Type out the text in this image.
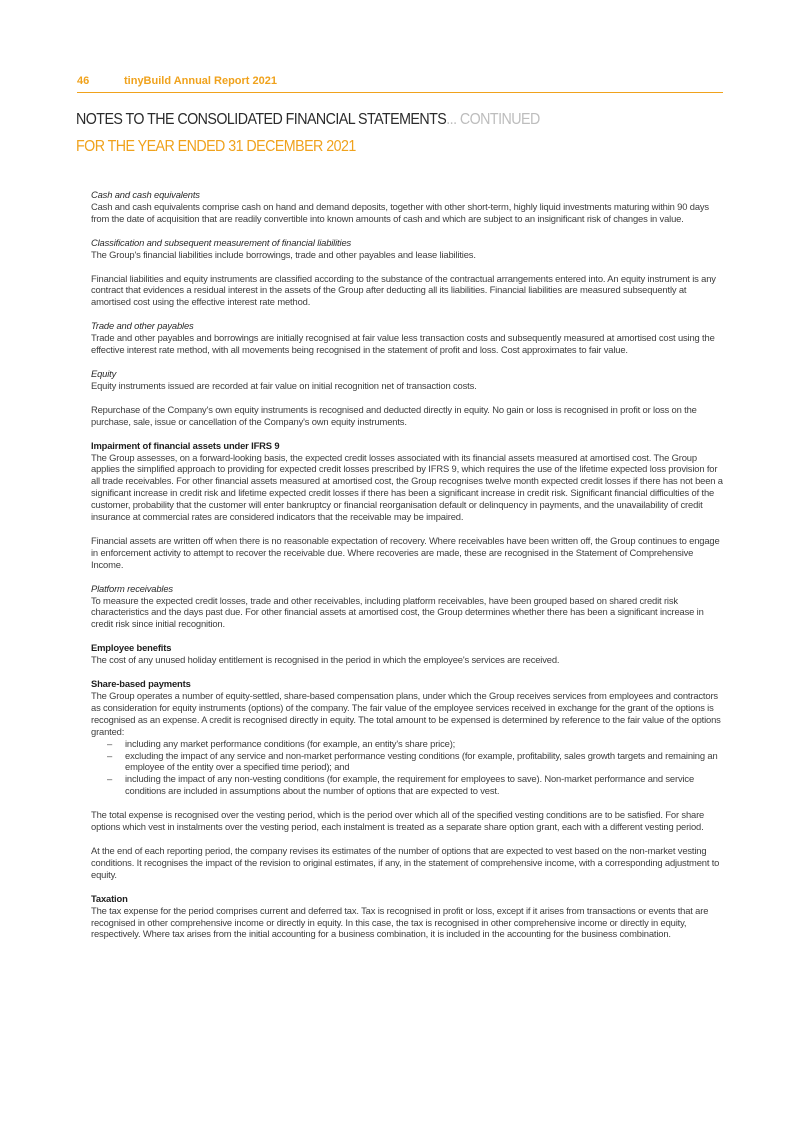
46	tinyBuild Annual Report 2021
NOTES TO THE CONSOLIDATED FINANCIAL STATEMENTS... CONTINUED
FOR THE YEAR ENDED 31 DECEMBER 2021
Cash and cash equivalents

Cash and cash equivalents comprise cash on hand and demand deposits, together with other short-term, highly liquid investments maturing within 90 days from the date of acquisition that are readily convertible into known amounts of cash and which are subject to an insignificant risk of changes in value.

Classification and subsequent measurement of financial liabilities

The Group's financial liabilities include borrowings, trade and other payables and lease liabilities.

Financial liabilities and equity instruments are classified according to the substance of the contractual arrangements entered into. An equity instrument is any contract that evidences a residual interest in the assets of the Group after deducting all its liabilities. Financial liabilities are measured subsequently at amortised cost using the effective interest rate method.

Trade and other payables

Trade and other payables and borrowings are initially recognised at fair value less transaction costs and subsequently measured at amortised cost using the effective interest rate method, with all movements being recognised in the statement of profit and loss. Cost approximates to fair value.

Equity

Equity instruments issued are recorded at fair value on initial recognition net of transaction costs.

Repurchase of the Company's own equity instruments is recognised and deducted directly in equity. No gain or loss is recognised in profit or loss on the purchase, sale, issue or cancellation of the Company's own equity instruments.

Impairment of financial assets under IFRS 9

The Group assesses, on a forward-looking basis, the expected credit losses associated with its financial assets measured at amortised cost. The Group applies the simplified approach to providing for expected credit losses prescribed by IFRS 9, which requires the use of the lifetime expected loss provision for all trade receivables. For other financial assets measured at amortised cost, the Group recognises twelve month expected credit losses if there has not been a significant increase in credit risk and lifetime expected credit losses if there has been a significant increase in credit risk. Significant financial difficulties of the customer, probability that the customer will enter bankruptcy or financial reorganisation default or delinquency in payments, and the unavailability of credit insurance at commercial rates are considered indicators that the receivable may be impaired.

Financial assets are written off when there is no reasonable expectation of recovery. Where receivables have been written off, the Group continues to engage in enforcement activity to attempt to recover the receivable due. Where recoveries are made, these are recognised in the Statement of Comprehensive Income.

Platform receivables

To measure the expected credit losses, trade and other receivables, including platform receivables, have been grouped based on shared credit risk characteristics and the days past due. For other financial assets at amortised cost, the Group determines whether there has been a significant increase in credit risk since initial recognition.

Employee benefits

The cost of any unused holiday entitlement is recognised in the period in which the employee's services are received.

Share-based payments

The Group operates a number of equity-settled, share-based compensation plans, under which the Group receives services from employees and contractors as consideration for equity instruments (options) of the company. The fair value of the employee services received in exchange for the grant of the options is recognised as an expense. A credit is recognised directly in equity. The total amount to be expensed is determined by reference to the fair value of the options granted:

– including any market performance conditions (for example, an entity's share price);
– excluding the impact of any service and non-market performance vesting conditions (for example, profitability, sales growth targets and remaining an employee of the entity over a specified time period); and
– including the impact of any non-vesting conditions (for example, the requirement for employees to save). Non-market performance and service conditions are included in assumptions about the number of options that are expected to vest.

The total expense is recognised over the vesting period, which is the period over which all of the specified vesting conditions are to be satisfied. For share options which vest in instalments over the vesting period, each instalment is treated as a separate share option grant, each with a different vesting period.

At the end of each reporting period, the company revises its estimates of the number of options that are expected to vest based on the non-market vesting conditions. It recognises the impact of the revision to original estimates, if any, in the statement of comprehensive income, with a corresponding adjustment to equity.

Taxation

The tax expense for the period comprises current and deferred tax. Tax is recognised in profit or loss, except if it arises from transactions or events that are recognised in other comprehensive income or directly in equity. In this case, the tax is recognised in other comprehensive income or directly in equity, respectively. Where tax arises from the initial accounting for a business combination, it is included in the accounting for the business combination.
